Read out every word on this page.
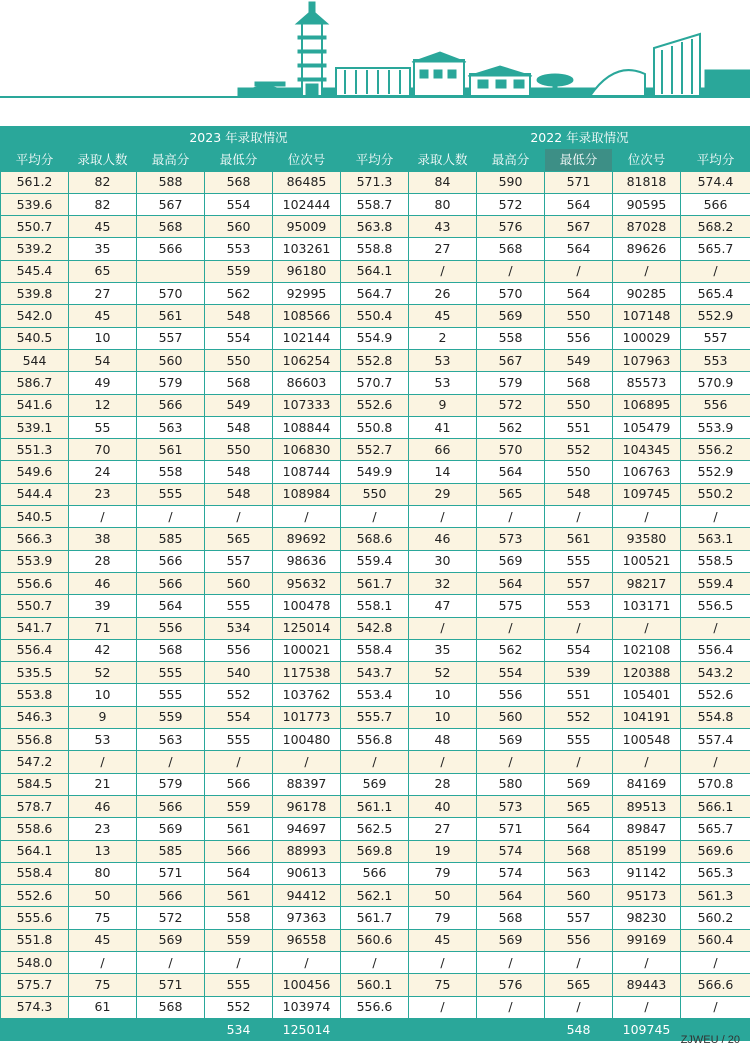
	2023 年录取情况					2022 年录取情况				
平均分	录取人数	最高分	最低分	位次号	平均分	录取人数	最高分	最低分	位次号	平均分
561.2	82	588	568	86485	571.3	84	590	571	81818	574.4
539.6	82	567	554	102444	558.7	80	572	564	90595	566
550.7	45	568	560	95009	563.8	43	576	567	87028	568.2
539.2	35	566	553	103261	558.8	27	568	564	89626	565.7
545.4	65		559	96180	564.1	/	/	/	/	/
539.8	27	570	562	92995	564.7	26	570	564	90285	565.4
542.0	45	561	548	108566	550.4	45	569	550	107148	552.9
540.5	10	557	554	102144	554.9	2	558	556	100029	557
544	54	560	550	106254	552.8	53	567	549	107963	553
586.7	49	579	568	86603	570.7	53	579	568	85573	570.9
541.6	12	566	549	107333	552.6	9	572	550	106895	556
539.1	55	563	548	108844	550.8	41	562	551	105479	553.9
551.3	70	561	550	106830	552.7	66	570	552	104345	556.2
549.6	24	558	548	108744	549.9	14	564	550	106763	552.9
544.4	23	555	548	108984	550	29	565	548	109745	550.2
540.5	/	/	/	/	/	/	/	/	/	/
566.3	38	585	565	89692	568.6	46	573	561	93580	563.1
553.9	28	566	557	98636	559.4	30	569	555	100521	558.5
556.6	46	566	560	95632	561.7	32	564	557	98217	559.4
550.7	39	564	555	100478	558.1	47	575	553	103171	556.5
541.7	71	556	534	125014	542.8	/	/	/	/	/
556.4	42	568	556	100021	558.4	35	562	554	102108	556.4
535.5	52	555	540	117538	543.7	52	554	539	120388	543.2
553.8	10	555	552	103762	553.4	10	556	551	105401	552.6
546.3	9	559	554	101773	555.7	10	560	552	104191	554.8
556.8	53	563	555	100480	556.8	48	569	555	100548	557.4
547.2	/	/	/	/	/	/	/	/	/	/
584.5	21	579	566	88397	569	28	580	569	84169	570.8
578.7	46	566	559	96178	561.1	40	573	565	89513	566.1
558.6	23	569	561	94697	562.5	27	571	564	89847	565.7
564.1	13	585	566	88993	569.8	19	574	568	85199	569.6
558.4	80	571	564	90613	566	79	574	563	91142	565.3
552.6	50	566	561	94412	562.1	50	564	560	95173	561.3
555.6	75	572	558	97363	561.7	79	568	557	98230	560.2
551.8	45	569	559	96558	560.6	45	569	556	99169	560.4
548.0	/	/	/	/	/	/	/	/	/	/
575.7	75	571	555	100456	560.1	75	576	565	89443	566.6
574.3	61	568	552	103974	556.6	/	/	/	/	/
			534	125014				548	109745	
ZJWEU / 20
